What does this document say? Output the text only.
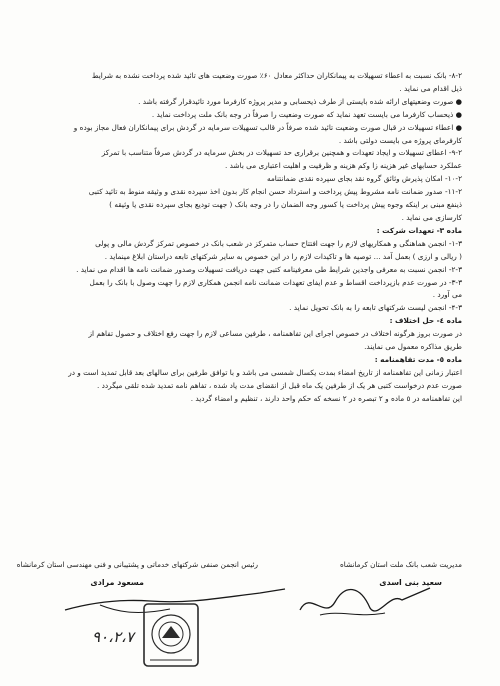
۸-۲- بانک نسبت به اعطاء تسهیلات به پیمانکاران حداکثر معادل ۶۰٪ صورت وضعیت های تائید شده پرداخت نشده به شرایط
ذیل اقدام می نماید .
● صورت وضعیتهای ارائه شده بایستی از طرف ذیحسابی و مدیر پروژه کارفرما مورد تائیدقرار گرفته باشد .
● ذیحساب کارفرما می بایست تعهد نماید که صورت وضعیت را صرفاً در وجه بانک ملت پرداخت نماید .
● اعطاء تسهیلات در قبال صورت وضعیت تائید شده صرفاً در قالب تسهیلات سرمایه در گردش برای پیمانکاران فعال مجاز بوده و
کارفرمای پروژه می بایست دولتی باشد .
۹-۲- اعطای تسهیلات و ایجاد تعهدات و همچنین برقراری حد تسهیلات در بخش سرمایه در گردش صرفاً متناسب با تمرکز
عملکرد حسابهای غیر هزینه زا وکم هزینه و ظرفیت و اهلیت اعتباری می باشد .
۱۰-۲- امکان پذیرش وثائق گروه نقد بجای سپرده نقدی ضمانتنامه
۱۱-۲- صدور ضمانت نامه مشروط پیش پرداخت و استرداد حسن انجام کار بدون اخذ سپرده نقدی و وثیقه منوط به تائید کتبی
ذینفع مبنی بر اینکه وجوه پیش پرداخت یا کسور وجه الضمان را در وجه بانک ( جهت تودیع بجای سپرده نقدی یا وثیقه )
کارسازی می نماید .
ماده ۳- تعهدات شرکت :
۱-۳- انجمن هماهنگی و همکاریهای لازم را جهت افتتاح حساب متمرکز در شعب بانک در خصوص تمرکز گردش مالی و پولی
( ریالی و ارزی ) بعمل آمد ... توصیه ها و تاکیدات لازم را در این خصوص به سایر شرکتهای تابعه دراستان ابلاغ مینماید .
۲-۳- انجمن نسبت به معرفی واجدین شرایط طی معرفینامه کتبی جهت دریافت تسهیلات وصدور ضمانت نامه ها اقدام می نماید .
۳-۳- در صورت عدم بازپرداخت اقساط و عدم ایفای تعهدات ضمانت نامه انجمن همکاری لازم را جهت وصول با بانک را بعمل
می آورد .
۴-۳- انجمن لیست شرکتهای تابعه را به بانک تحویل نماید .
ماده ٤- حل اختلاف :
در صورت بروز هرگونه اختلاف در خصوص اجرای این تفاهمنامه ، طرفین مساعی لازم را جهت رفع اختلاف و حصول تفاهم از
طریق مذاکره معمول می نمایند.
ماده ٥- مدت تفاهمنامه :
اعتبار زمانی این تفاهمنامه از تاریخ امضاء بمدت یکسال شمسی می باشد و با توافق طرفین برای سالهای بعد قابل تمدید است و در
صورت عدم درخواست کتبی هر یک از طرفین یک ماه قبل از انقضای مدت یاد شده ، تفاهم نامه تمدید شده تلقی میگردد .
این تفاهمنامه در ٥ ماده و ۲ تبصره در ۲ نسخه که حکم واحد دارند ، تنظیم و امضاء گردید .
مدیریت شعب بانک ملت استان کرمانشاه
سعید بنی اسدی
رئیس انجمن صنفی شرکتهای خدماتی و پشتیبانی و فنی مهندسی استان کرمانشاه
مسعود مرادی
۹۰،۲،۷
